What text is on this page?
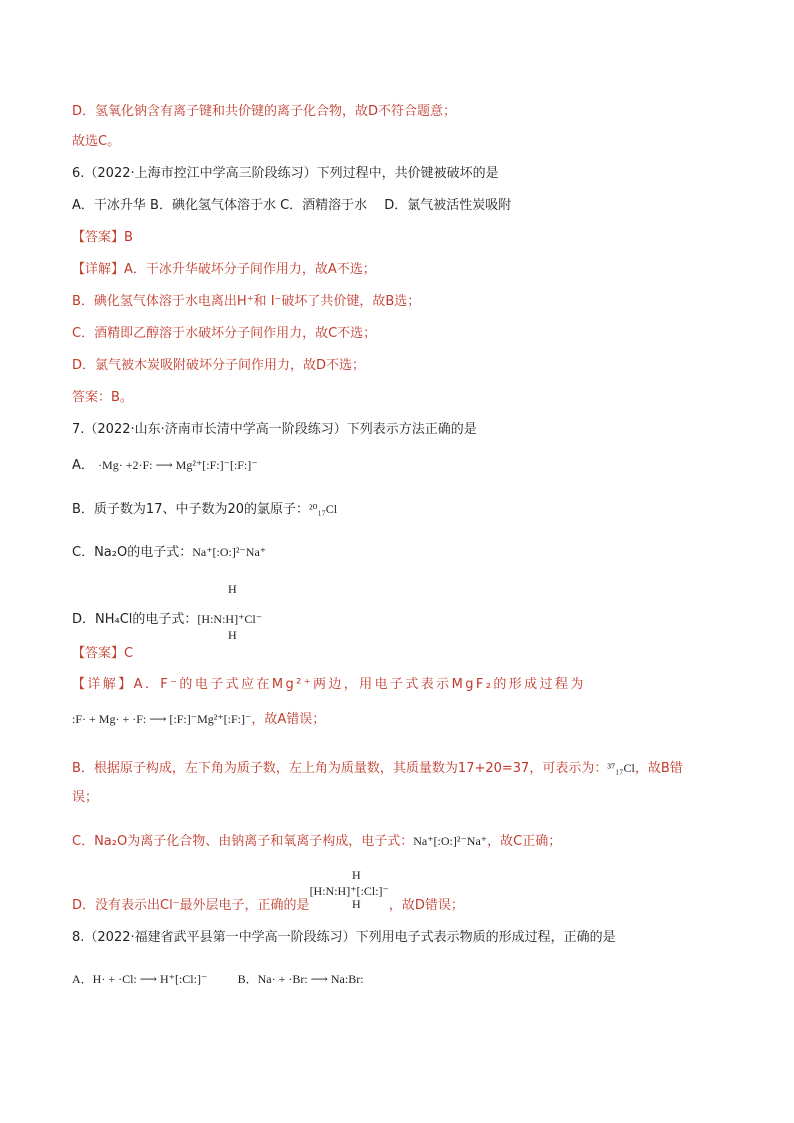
D．氢氧化钠含有离子键和共价键的离子化合物，故D不符合题意；
故选C。
6.（2022·上海市控江中学高三阶段练习）下列过程中，共价键被破坏的是
A．干冰升华 B．碘化氢气体溶于水 C．酒精溶于水　 D．氯气被活性炭吸附
【答案】B
【详解】A．干冰升华破坏分子间作用力，故A不选；
B．碘化氢气体溶于水电离出H⁺和 I⁻破坏了共价键，故B选；
C．酒精即乙醇溶于水破坏分子间作用力，故C不选；
D．氯气被木炭吸附破坏分子间作用力，故D不选；
答案：B。
7.（2022·山东·济南市长清中学高一阶段练习）下列表示方法正确的是
A． ·Mg· +2·F: ⟶ Mg²⁺[:F:]⁻[:F:]⁻
B．质子数为17、中子数为20的氯原子：²⁰₁₇Cl
C．Na₂O的电子式：Na⁺[:O:]²⁻Na⁺
D．NH₄Cl的电子式：[H:N:H]⁺Cl⁻
H
H
【答案】C
【详解】A．F⁻的电子式应在Mg²⁺两边，用电子式表示MgF₂的形成过程为
:F· + Mg· + ·F: ⟶ [:F:]⁻Mg²⁺[:F:]⁻，故A错误；
B．根据原子构成，左下角为质子数，左上角为质量数，其质量数为17+20=37，可表示为：³⁷₁₇Cl，故B错
误；
C．Na₂O为离子化合物、由钠离子和氧离子构成，电子式：Na⁺[:O:]²⁻Na⁺，故C正确；
D．没有表示出Cl⁻最外层电子，正确的是[H:N:H]⁺[:Cl:]⁻，故D错误；
H
H
8.（2022·福建省武平县第一中学高一阶段练习）下列用电子式表示物质的形成过程，正确的是
A．H· + ·Cl: ⟶ H⁺[:Cl:]⁻	B．Na· + ·Br: ⟶ Na:Br:
